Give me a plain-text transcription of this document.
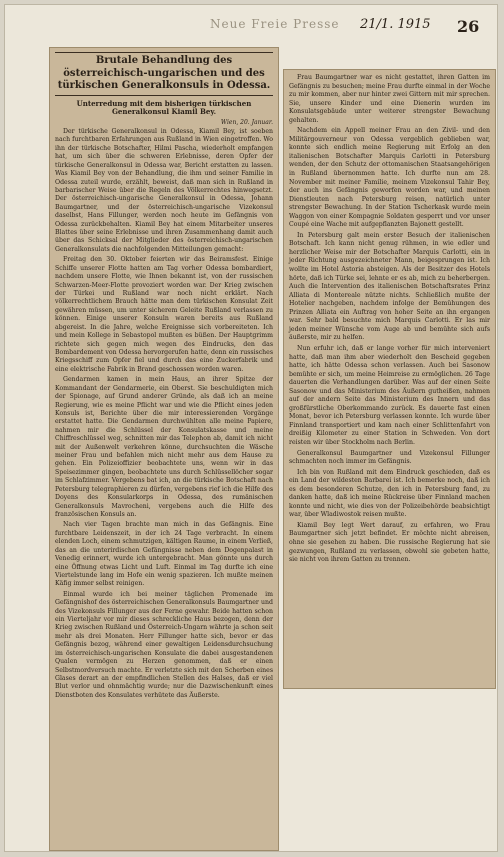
Neue Freie Presse 21/1. 1915 26
Brutale Behandlung des österreichisch-ungarischen und des türkischen Generalkonsuls in Odessa.
Unterredung mit dem bisherigen türkischen Generalkonsul Kiamil Bey.
Wien, 20. Januar.

Der türkische Generalkonsul in Odessa, Kiamil Bey, ist soeben nach furchtbaren Erfahrungen aus Rußland in Wien eingetroffen. Wo ihn der türkische Botschafter, Hilmi Pascha, wiederholt empfangen hat, um sich über die schweren Erlebnisse, deren Opfer der türkische Generalkonsul in Odessa war, Bericht erstatten zu lassen. Was Kiamil Bey von der Behandlung, die ihm und seiner Familie in Odessa zuteil wurde, erzählt, beweist, daß man sich in Rußland in barbarischer Weise über die Regeln des Völkerrechtes hinwegsetzt. Der österreichisch-ungarische Generalkonsul in Odessa, Johann Baumgartner, und der österreichisch-ungarische Vizekonsul daselbst, Hans Fillunger, werden noch heute im Gefängnis von Odessa zurückbehalten. Kiamil Bey hat einem Mitarbeiter unseres Blattes über seine Erlebnisse und ihren Zusammenhang damit auch über das Schicksal der Mitglieder des österreichisch-ungarischen Generalkonsulats die nachfolgenden Mitteilungen gemacht:

Freitag den 30. Oktober feierten wir das Beiramsfest. Einige Schiffe unserer Flotte hatten am Tag vorher Odessa bombardiert, nachdem unsere Flotte, wie Ihnen bekannt ist, von der russischen Schwarzen-Meer-Flotte provoziert worden war. Der Krieg zwischen der Türkei und Rußland war noch nicht erklärt. Nach völkerrechtlichem Brauch hätte man dem türkischen Konsulat Zeit gewähren müssen, um unter sicherem Geleite Rußland verlassen zu können. Einige unserer Konsuln waren bereits aus Rußland abgereist. In die Jahre, welche Ereignisse sich vorbereiteten. Ich und mein Kollege in Sebastopol mußten es büßen. Der Hauptgrimm richtete sich gegen mich wegen des Eindrucks, den das Bombardement von Odessa hervorgerufen hatte, denn ein russisches Kriegsschiff zum Opfer fiel und durch das eine Zuckerfabrik und eine elektrische Fabrik in Brand geschossen worden waren.

Gendarmen kamen in mein Haus, an ihrer Spitze der Kommandant der Gendarmerie, ein Oberst. Sie beschuldigten mich der Spionage, auf Grund anderer Gründe, als daß ich an meine Regierung, wie es meine Pflicht war und wie die Pflicht eines jeden Konsuls ist, Berichte über die mir interessierenden Vorgänge erstattet hatte. Die Gendarmen durchwühlten alle meine Papiere, nahmen mir die Schlüssel der Konsulatskasse und meine Chiffreschlüssel weg, schnitten mir das Telephon ab, damit ich nicht mit der Außenwelt verkehren könne, durchsuchten die Wäsche meiner Frau und befahlen mich nicht mehr aus dem Hause zu gehen. Ein Polizeioffizier beobachtete uns, wenn wir in das Speisezimmer gingen, beobachtete uns durch Schlüssellöcher sogar im Schlafzimmer. Vergebens bat ich, an die türkische Botschaft nach Petersburg telegraphieren zu dürfen, vergebens rief ich die Hilfe des Doyens des Konsularkorps in Odessa, des rumänischen Generalkonsuls Mavrocheni, vergebens auch die Hilfe des französischen Konsuls an.

Nach vier Tagen brachte man mich in das Gefängnis. Eine furchtbare Leidenszeit, in der ich 24 Tage verbracht. In einem elenden Loch, einem schmutzigen, kältigen Raume, in einem Verließ, das an die unterirdischen Gefängnisse neben dem Dogenpalast in Venedig erinnert, wurde ich untergebracht. Man gönnte uns durch eine Öffnung etwas Licht und Luft. Einmal im Tag durfte ich eine Viertelstunde lang im Hofe ein wenig spazieren. Ich mußte meinen Käfig immer selbst reinigen.

Einmal wurde ich bei meiner täglichen Promenade im Gefängnishof des österreichischen Generalkonsuls Baumgartner und des Vizekonsuls Fillunger aus der Ferne gewahr. Beide hatten schon ein Vierteljahr vor mir dieses schreckliche Haus bezogen, denn der Krieg zwischen Rußland und Österreich-Ungarn währte ja schon seit mehr als drei Monaten. Herr Fillunger hatte sich, bevor er das Gefängnis bezog, während einer gewaltigen Leidensdurchsuchung im österreichisch-ungarischen Konsulate die dabei ausgestandenen Qualen vermögen zu Herzen genommen, daß er einen Selbstmordversuch machte. Er verletzte sich mit den Scherben eines Glases derart an der empfindlichen Stellen des Halses, daß er viel Blut verlor und ohnmächtig wurde; nur die Dazwischenkunft eines Dienstboten des Konsulates verhütete das Äußerste.

Frau Baumgartner war es nicht gestattet, ihren Gatten im Gefängnis zu besuchen; meine Frau durfte einmal in der Woche zu mir kommen, aber nur hinter zwei Gittern mit mir sprechen. Sie, unsere Kinder und eine Dienerin wurden im Konsulatsgebäude unter weiterer strengster Bewachung gehalten.

Nachdem ein Appell meiner Frau an den Zivil- und den Militärgouverneur von Odessa vergeblich geblieben war, konnte sich endlich meine Regierung mit Erfolg an den italienischen Botschafter Marquis Carlotti in Petersburg wenden, der den Schutz der ottomanischen Staatsangehörigen in Rußland übernommen hatte. Ich durfte nun am 28. November mit meiner Familie, meinem Vizekonsul Tahir Bey, der auch ins Gefängnis geworfen worden war, und meinen Dienstleuten nach Petersburg reisen, natürlich unter strengster Bewachung. In der Station Tscherkask wurde mein Waggon von einer Kompagnie Soldaten gesperrt und vor unser Coupé eine Wache mit aufgepflanzten Bajonett gestellt.

In Petersburg galt mein erster Besuch der italienischen Botschaft. Ich kann nicht genug rühmen, in wie edler und herzlicher Weise mir der Botschafter Marquis Carlotti, ein in jeder Richtung ausgezeichneter Mann, beigesprungen ist. Ich wollte im Hotel Astoria absteigen. Als der Besitzer des Hotels hörte, daß ich Türke sei, lehnte er es ab, mich zu beherbergen. Auch die Intervention des italienischen Botschaftsrates Prinz Alliata di Montereale nützte nichts. Schließlich mußte der Hotelier nachgeben, nachdem infolge der Bemühungen des Prinzen Alliata ein Auftrag von hoher Seite an ihn ergangen war. Sehr bald besuchte mich Marquis Carlotti. Er las mir jeden meiner Wünsche vom Auge ab und bemühte sich aufs äußerste, mir zu helfen.

Nun erfuhr ich, daß er lange vorher für mich interveniert hatte, daß man ihm aber wiederholt den Bescheid gegeben hatte, ich hätte Odessa schon verlassen. Auch bei Sasonow bemühte er sich, um meine Heimreise zu ermöglichen. 26 Tage dauerten die Verhandlungen darüber. Was auf der einen Seite Sasonow und das Ministerium des Äußern gutheißen, nahmen auf der andern Seite das Ministerium des Innern und das großfürstliche Oberkommando zurück. Es dauerte fast einen Monat, bevor ich Petersburg verlassen konnte. Ich wurde über Finnland transportiert und kam nach einer Schlittenfahrt von dreißig Kilometer zu einer Station in Schweden. Von dort reisten wir über Stockholm nach Berlin.

Generalkonsul Baumgartner und Vizekonsul Fillunger schmachten noch immer im Gefängnis.

Ich bin von Rußland mit dem Eindruck geschieden, daß es ein Land der wildesten Barbarei ist. Ich bemerke noch, daß ich es dem besonderen Schutze, den ich in Petersburg fand, zu danken hatte, daß ich meine Rückreise über Finnland machen konnte und nicht, wie dies von der Polizeibehörde beabsichtigt war, über Wladiwostok reisen mußte.

Kiamil Bey legt Wert darauf, zu erfahren, wo Frau Baumgartner sich jetzt befindet. Er möchte nicht abreisen, ohne sie gesehen zu haben. Die russische Regierung hat sie gezwungen, Rußland zu verlassen, obwohl sie gebeten hatte, sie nicht von ihrem Gatten zu trennen.
